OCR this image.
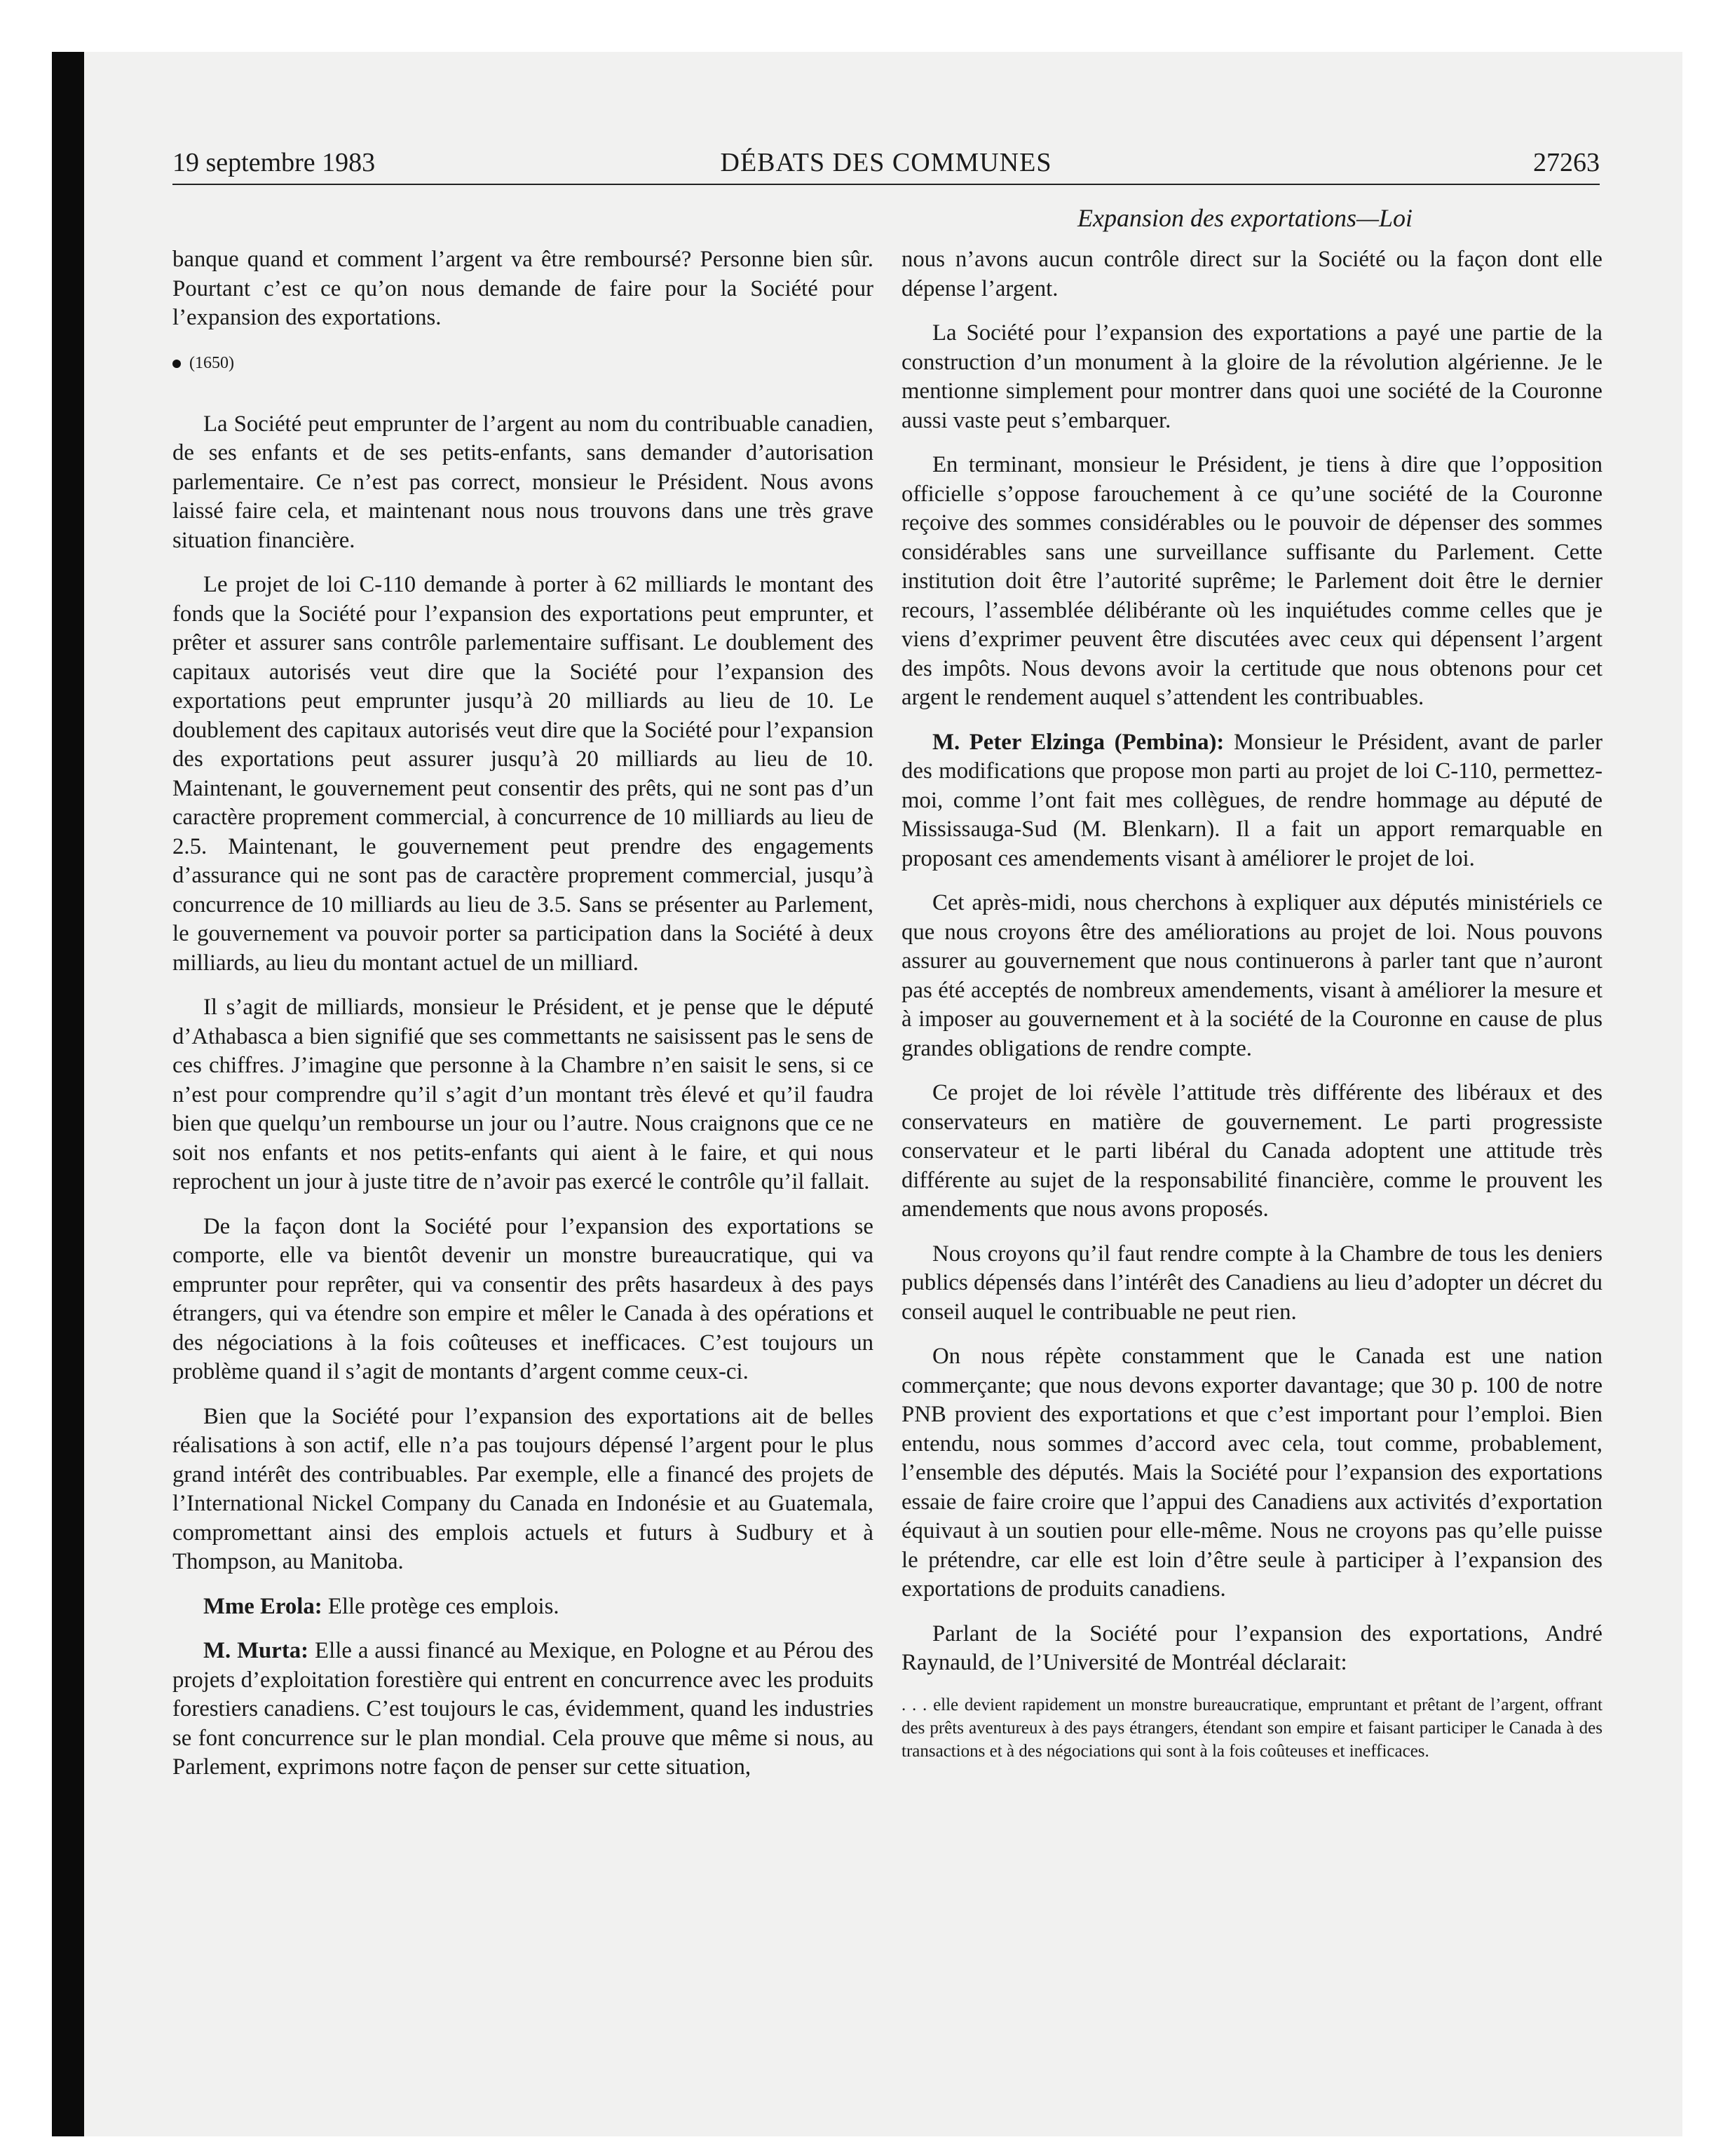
19 septembre 1983	DÉBATS DES COMMUNES	27263
Expansion des exportations—Loi

banque quand et comment l’argent va être remboursé? Personne bien sûr. Pourtant c’est ce qu’on nous demande de faire pour la Société pour l’expansion des exportations.

(1650)

La Société peut emprunter de l’argent au nom du contribuable canadien, de ses enfants et de ses petits-enfants, sans demander d’autorisation parlementaire. Ce n’est pas correct, monsieur le Président. Nous avons laissé faire cela, et maintenant nous nous trouvons dans une très grave situation financière.

Le projet de loi C-110 demande à porter à 62 milliards le montant des fonds que la Société pour l’expansion des exportations peut emprunter, et prêter et assurer sans contrôle parlementaire suffisant. Le doublement des capitaux autorisés veut dire que la Société pour l’expansion des exportations peut emprunter jusqu’à 20 milliards au lieu de 10. Le doublement des capitaux autorisés veut dire que la Société pour l’expansion des exportations peut assurer jusqu’à 20 milliards au lieu de 10. Maintenant, le gouvernement peut consentir des prêts, qui ne sont pas d’un caractère proprement commercial, à concurrence de 10 milliards au lieu de 2.5. Maintenant, le gouvernement peut prendre des engagements d’assurance qui ne sont pas de caractère proprement commercial, jusqu’à concurrence de 10 milliards au lieu de 3.5. Sans se présenter au Parlement, le gouvernement va pouvoir porter sa participation dans la Société à deux milliards, au lieu du montant actuel de un milliard.

Il s’agit de milliards, monsieur le Président, et je pense que le député d’Athabasca a bien signifié que ses commettants ne saisissent pas le sens de ces chiffres. J’imagine que personne à la Chambre n’en saisit le sens, si ce n’est pour comprendre qu’il s’agit d’un montant très élevé et qu’il faudra bien que quelqu’un rembourse un jour ou l’autre. Nous craignons que ce ne soit nos enfants et nos petits-enfants qui aient à le faire, et qui nous reprochent un jour à juste titre de n’avoir pas exercé le contrôle qu’il fallait.

De la façon dont la Société pour l’expansion des exportations se comporte, elle va bientôt devenir un monstre bureaucratique, qui va emprunter pour reprêter, qui va consentir des prêts hasardeux à des pays étrangers, qui va étendre son empire et mêler le Canada à des opérations et des négociations à la fois coûteuses et inefficaces. C’est toujours un problème quand il s’agit de montants d’argent comme ceux-ci.

Bien que la Société pour l’expansion des exportations ait de belles réalisations à son actif, elle n’a pas toujours dépensé l’argent pour le plus grand intérêt des contribuables. Par exemple, elle a financé des projets de l’International Nickel Company du Canada en Indonésie et au Guatemala, compromettant ainsi des emplois actuels et futurs à Sudbury et à Thompson, au Manitoba.

Mme Erola: Elle protège ces emplois.

M. Murta: Elle a aussi financé au Mexique, en Pologne et au Pérou des projets d’exploitation forestière qui entrent en concurrence avec les produits forestiers canadiens. C’est toujours le cas, évidemment, quand les industries se font concurrence sur le plan mondial. Cela prouve que même si nous, au Parlement, exprimons notre façon de penser sur cette situation,

nous n’avons aucun contrôle direct sur la Société ou la façon dont elle dépense l’argent.

La Société pour l’expansion des exportations a payé une partie de la construction d’un monument à la gloire de la révolution algérienne. Je le mentionne simplement pour montrer dans quoi une société de la Couronne aussi vaste peut s’embarquer.

En terminant, monsieur le Président, je tiens à dire que l’opposition officielle s’oppose farouchement à ce qu’une société de la Couronne reçoive des sommes considérables ou le pouvoir de dépenser des sommes considérables sans une surveillance suffisante du Parlement. Cette institution doit être l’autorité suprême; le Parlement doit être le dernier recours, l’assemblée délibérante où les inquiétudes comme celles que je viens d’exprimer peuvent être discutées avec ceux qui dépensent l’argent des impôts. Nous devons avoir la certitude que nous obtenons pour cet argent le rendement auquel s’attendent les contribuables.

M. Peter Elzinga (Pembina): Monsieur le Président, avant de parler des modifications que propose mon parti au projet de loi C-110, permettez-moi, comme l’ont fait mes collègues, de rendre hommage au député de Mississauga-Sud (M. Blenkarn). Il a fait un apport remarquable en proposant ces amendements visant à améliorer le projet de loi.

Cet après-midi, nous cherchons à expliquer aux députés ministériels ce que nous croyons être des améliorations au projet de loi. Nous pouvons assurer au gouvernement que nous continuerons à parler tant que n’auront pas été acceptés de nombreux amendements, visant à améliorer la mesure et à imposer au gouvernement et à la société de la Couronne en cause de plus grandes obligations de rendre compte.

Ce projet de loi révèle l’attitude très différente des libéraux et des conservateurs en matière de gouvernement. Le parti progressiste conservateur et le parti libéral du Canada adoptent une attitude très différente au sujet de la responsabilité financière, comme le prouvent les amendements que nous avons proposés.

Nous croyons qu’il faut rendre compte à la Chambre de tous les deniers publics dépensés dans l’intérêt des Canadiens au lieu d’adopter un décret du conseil auquel le contribuable ne peut rien.

On nous répète constamment que le Canada est une nation commerçante; que nous devons exporter davantage; que 30 p. 100 de notre PNB provient des exportations et que c’est important pour l’emploi. Bien entendu, nous sommes d’accord avec cela, tout comme, probablement, l’ensemble des députés. Mais la Société pour l’expansion des exportations essaie de faire croire que l’appui des Canadiens aux activités d’exportation équivaut à un soutien pour elle-même. Nous ne croyons pas qu’elle puisse le prétendre, car elle est loin d’être seule à participer à l’expansion des exportations de produits canadiens.

Parlant de la Société pour l’expansion des exportations, André Raynauld, de l’Université de Montréal déclarait:

. . . elle devient rapidement un monstre bureaucratique, empruntant et prêtant de l’argent, offrant des prêts aventureux à des pays étrangers, étendant son empire et faisant participer le Canada à des transactions et à des négociations qui sont à la fois coûteuses et inefficaces.
